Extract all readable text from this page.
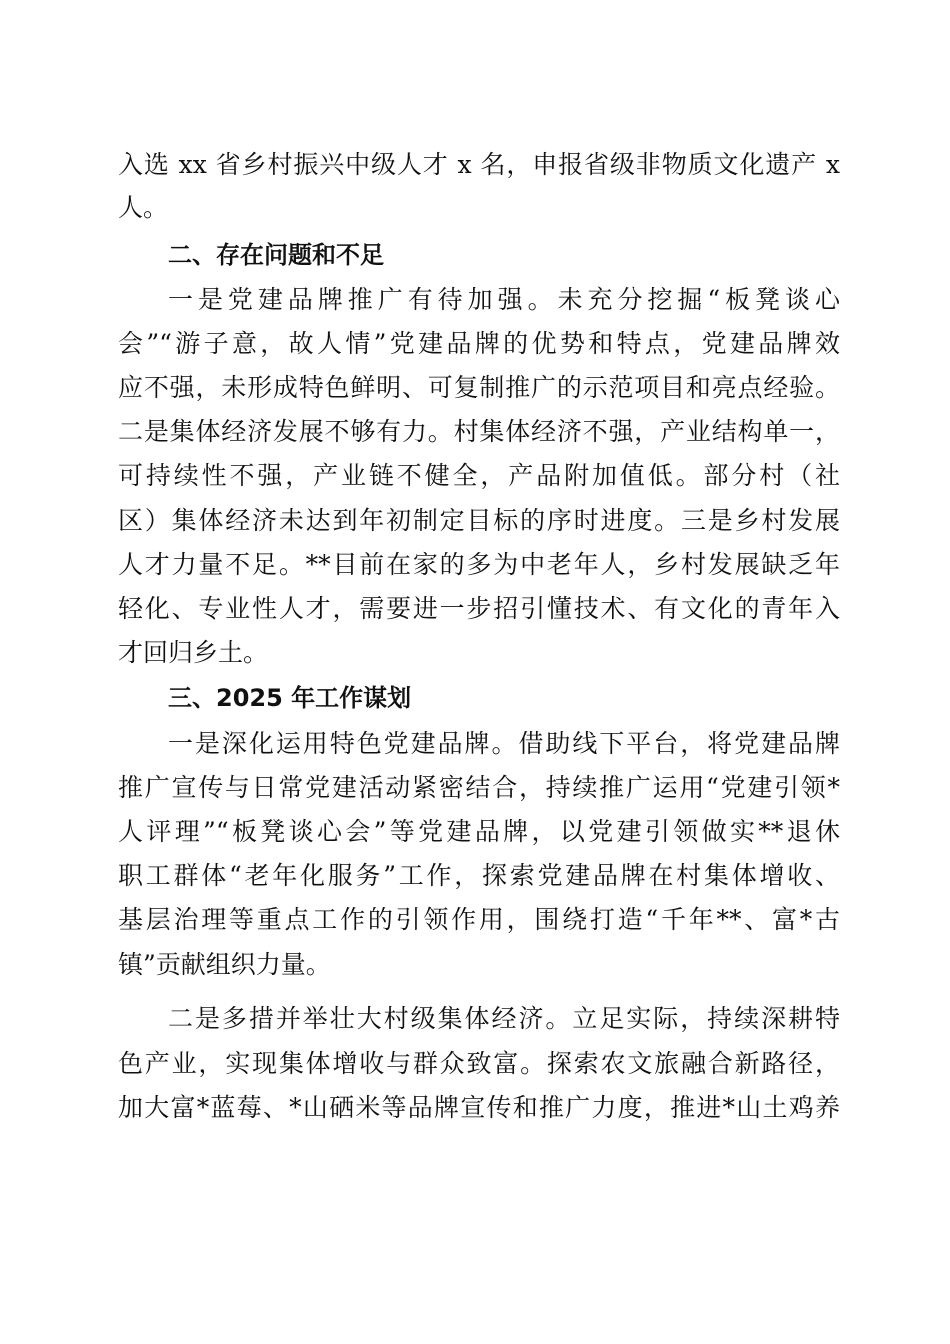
入选 xx 省乡村振兴中级人才 x 名，申报省级非物质文化遗产 x
人。
二、存在问题和不足
一是党建品牌推广有待加强。未充分挖掘“板凳谈心
会”“游子意，故人情”党建品牌的优势和特点，党建品牌效
应不强，未形成特色鲜明、可复制推广的示范项目和亮点经验。
二是集体经济发展不够有力。村集体经济不强，产业结构单一，
可持续性不强，产业链不健全，产品附加值低。部分村（社
区）集体经济未达到年初制定目标的序时进度。三是乡村发展
人才力量不足。**目前在家的多为中老年人，乡村发展缺乏年
轻化、专业性人才，需要进一步招引懂技术、有文化的青年入
才回归乡土。
三、2025 年工作谋划
一是深化运用特色党建品牌。借助线下平台，将党建品牌
推广宣传与日常党建活动紧密结合，持续推广运用“党建引领*
人评理”“板凳谈心会”等党建品牌，以党建引领做实**退休
职工群体“老年化服务”工作，探索党建品牌在村集体增收、
基层治理等重点工作的引领作用，围绕打造“千年**、富*古
镇”贡献组织力量。
二是多措并举壮大村级集体经济。立足实际，持续深耕特
色产业，实现集体增收与群众致富。探索农文旅融合新路径，
加大富*蓝莓、*山硒米等品牌宣传和推广力度，推进*山土鸡养
